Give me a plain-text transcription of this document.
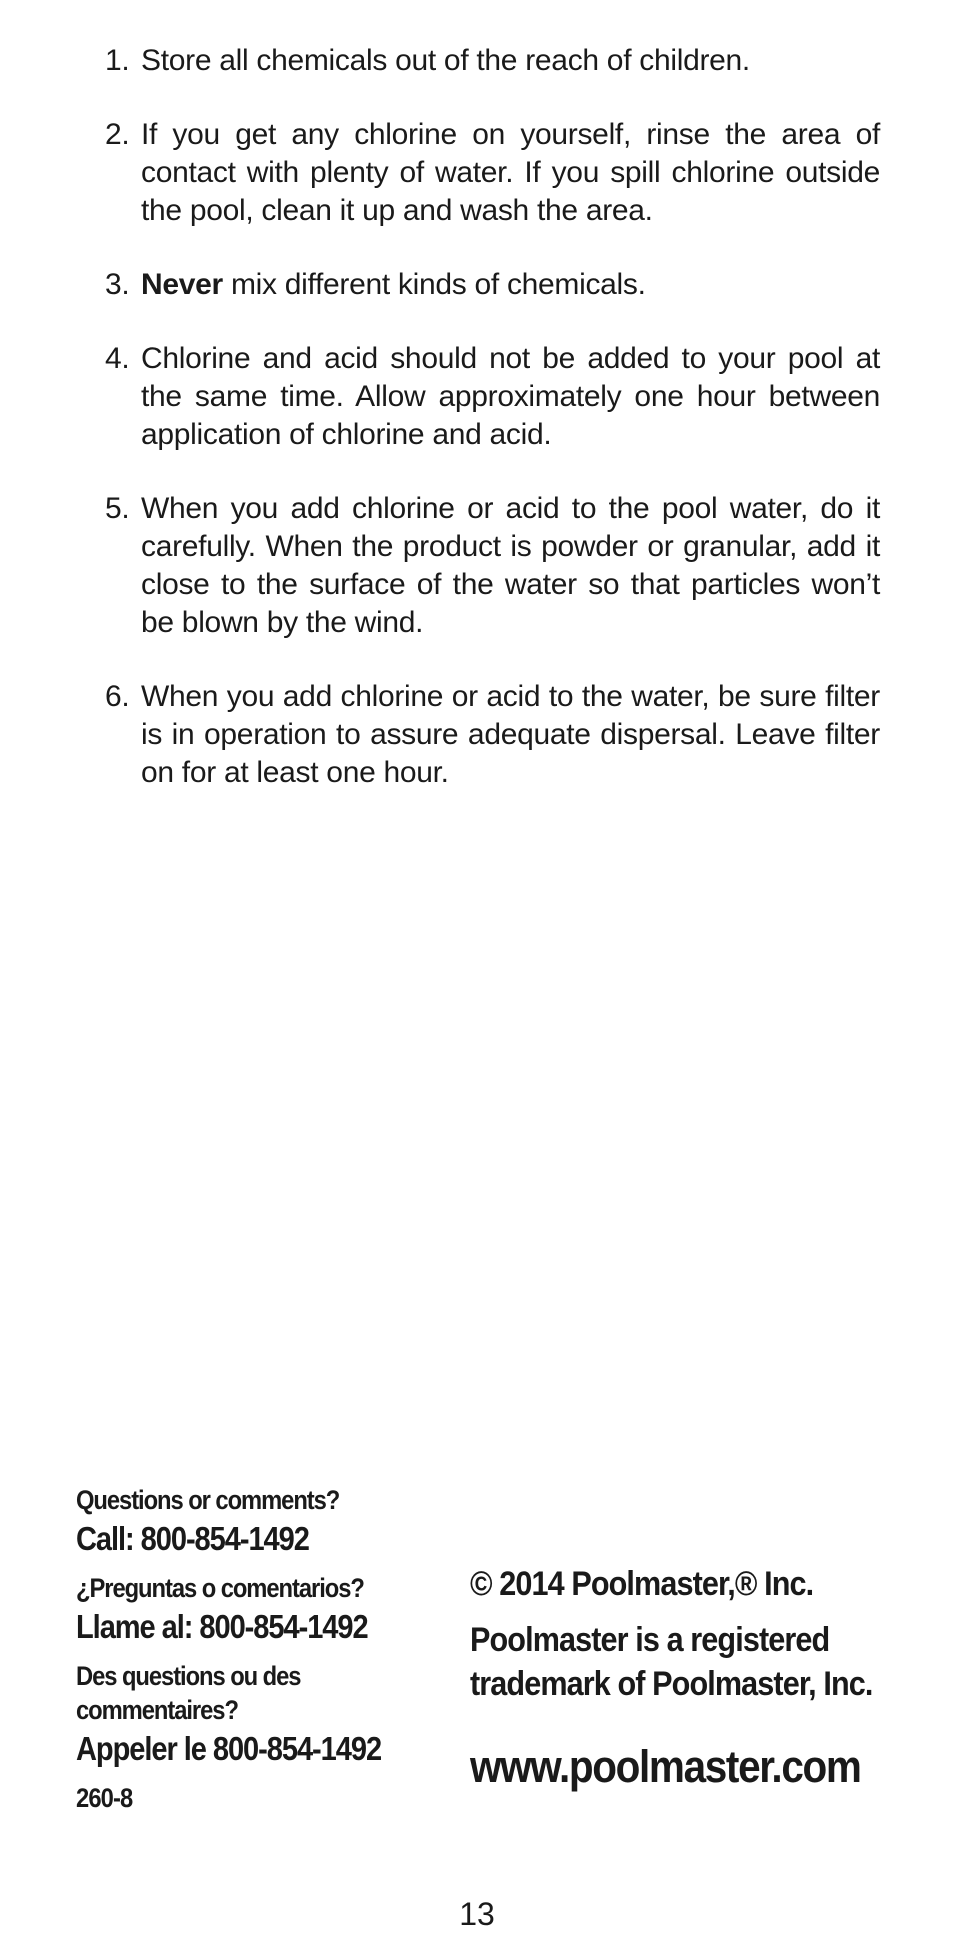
1. Store all chemicals out of the reach of children.
2. If you get any chlorine on yourself, rinse the area of contact with plenty of water. If you spill chlorine outside the pool, clean it up and wash the area.
3. Never mix different kinds of chemicals.
4. Chlorine and acid should not be added to your pool at the same time. Allow approximately one hour between application of chlorine and acid.
5. When you add chlorine or acid to the pool water, do it carefully. When the product is powder or granular, add it close to the surface of the water so that particles won’t be blown by the wind.
6. When you add chlorine or acid to the water, be sure filter is in operation to assure adequate dispersal. Leave filter on for at least one hour.
Questions or comments?
Call: 800-854-1492
¿Preguntas o comentarios?
Llame al: 800-854-1492
Des questions ou des
commentaires?
Appeler le 800-854-1492
260-8
© 2014 Poolmaster,® Inc.
Poolmaster is a registered
trademark of Poolmaster, Inc.
www.poolmaster.com
13
